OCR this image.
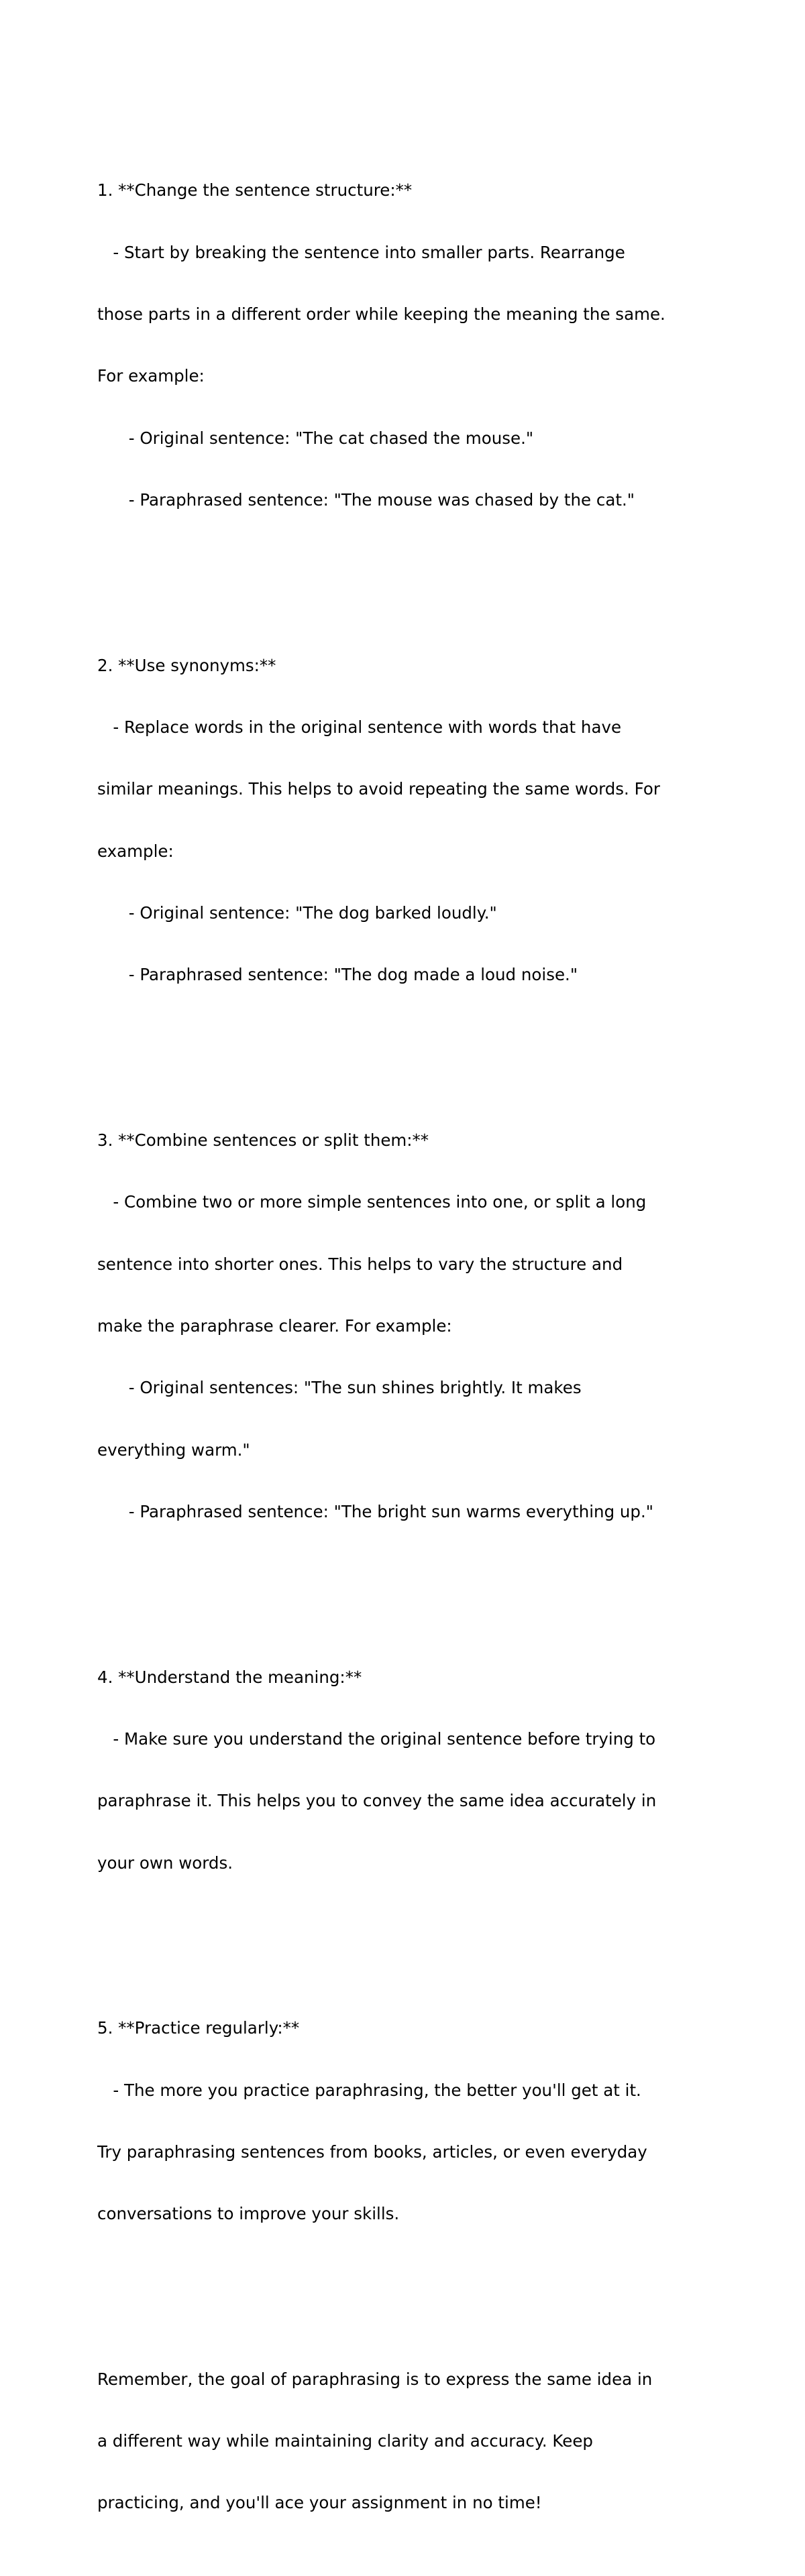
1. **Change the sentence structure:**

- Start by breaking the sentence into smaller parts. Rearrange

those parts in a different order while keeping the meaning the same.

For example:

- Original sentence: "The cat chased the mouse."

- Paraphrased sentence: "The mouse was chased by the cat."

2. **Use synonyms:**

- Replace words in the original sentence with words that have

similar meanings. This helps to avoid repeating the same words. For

example:

- Original sentence: "The dog barked loudly."

- Paraphrased sentence: "The dog made a loud noise."

3. **Combine sentences or split them:**

- Combine two or more simple sentences into one, or split a long

sentence into shorter ones. This helps to vary the structure and

make the paraphrase clearer. For example:

- Original sentences: "The sun shines brightly. It makes

everything warm."

- Paraphrased sentence: "The bright sun warms everything up."

4. **Understand the meaning:**

- Make sure you understand the original sentence before trying to

paraphrase it. This helps you to convey the same idea accurately in

your own words.

5. **Practice regularly:**

- The more you practice paraphrasing, the better you'll get at it.

Try paraphrasing sentences from books, articles, or even everyday

conversations to improve your skills.

Remember, the goal of paraphrasing is to express the same idea in

a different way while maintaining clarity and accuracy. Keep

practicing, and you'll ace your assignment in no time!
